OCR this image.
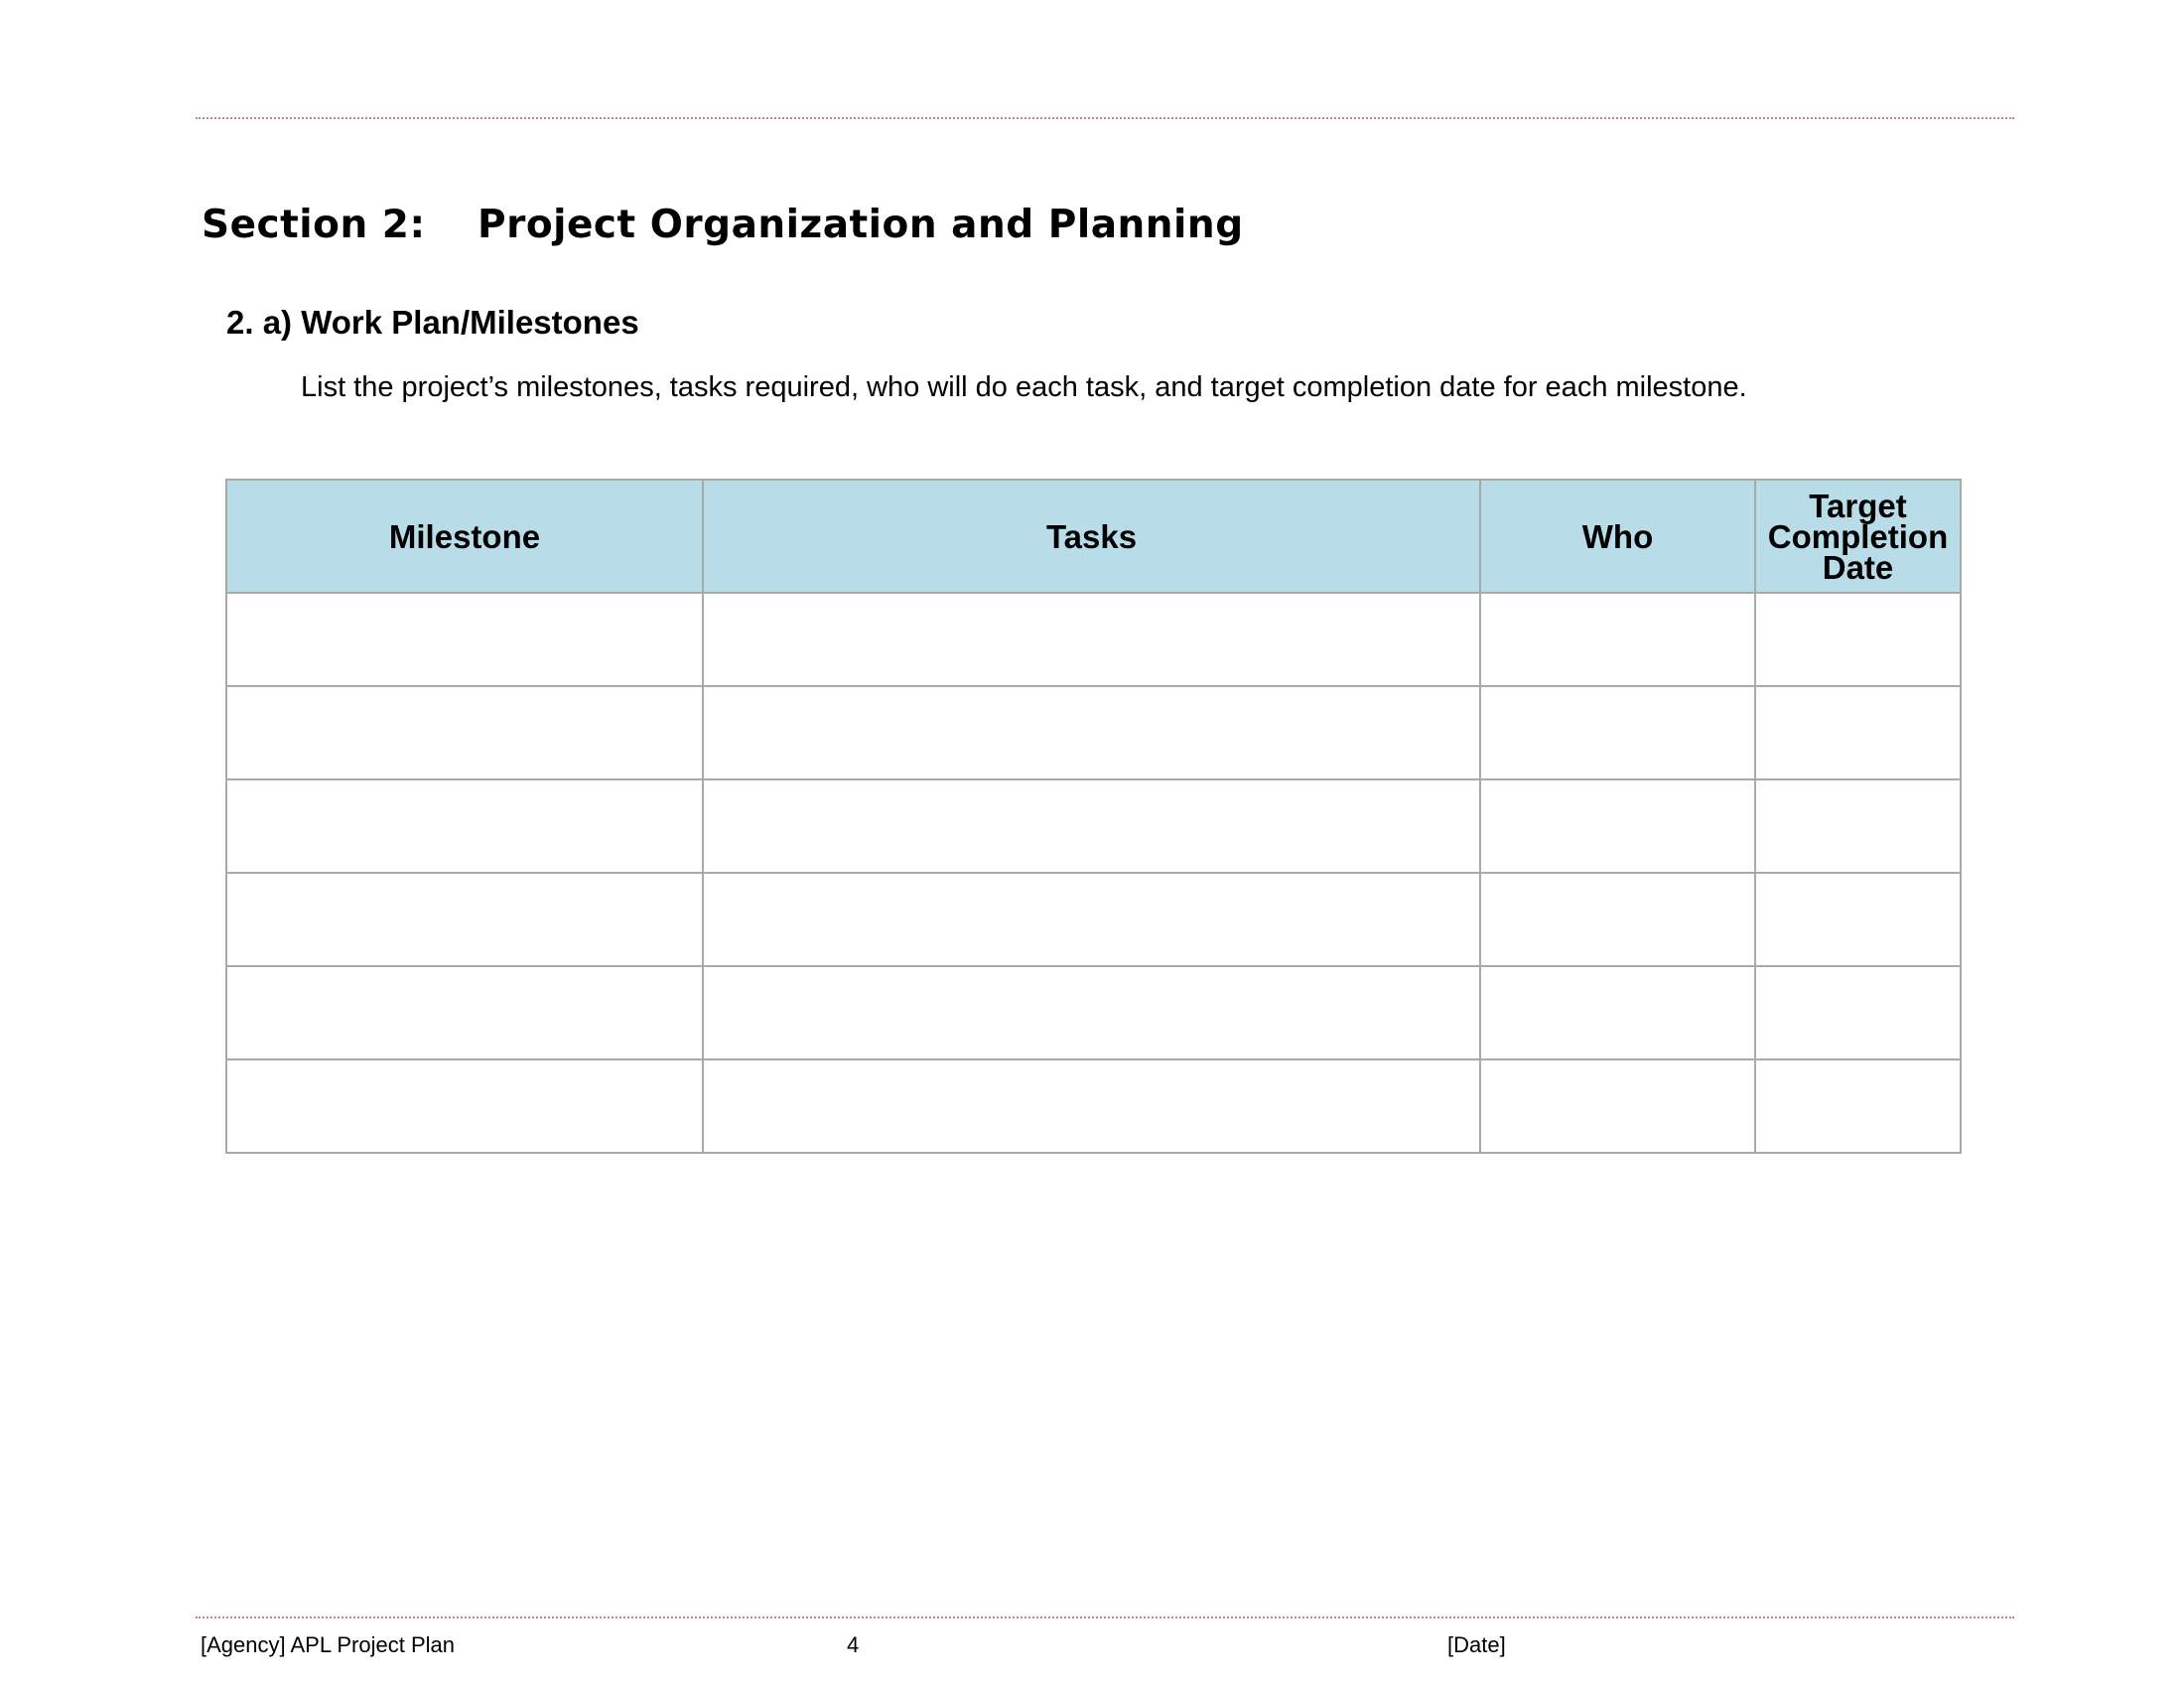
Section 2: Project Organization and Planning
2. a) Work Plan/Milestones
List the project’s milestones, tasks required, who will do each task, and target completion date for each milestone.
Milestone	Tasks	Who	Target
Completion
Date

[Agency] APL Project Plan	4	[Date]
